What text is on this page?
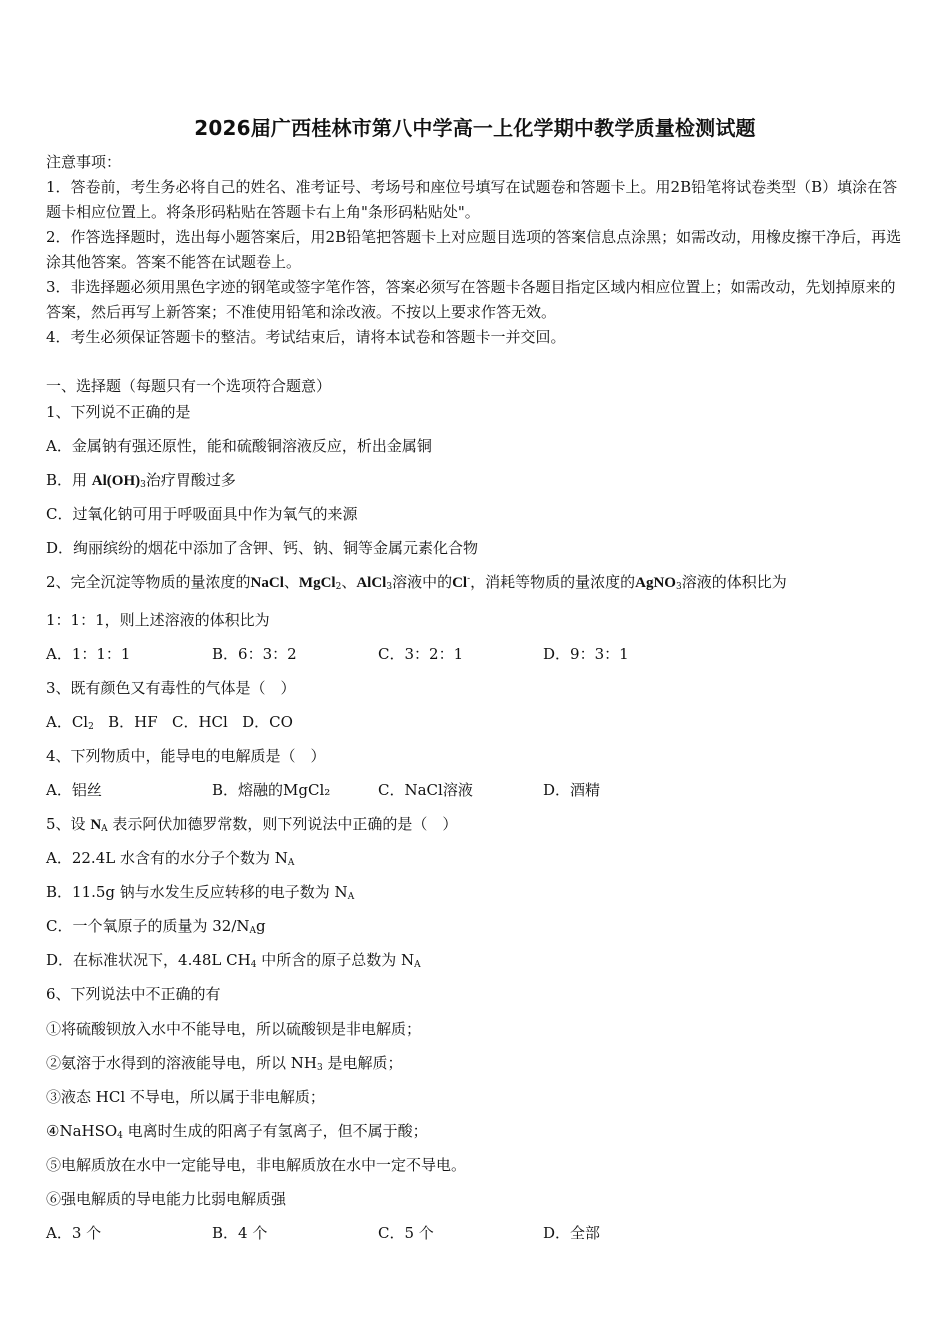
2026届广西桂林市第八中学高一上化学期中教学质量检测试题

注意事项：

1．答卷前，考生务必将自己的姓名、准考证号、考场号和座位号填写在试题卷和答题卡上。用2B铅笔将试卷类型（B）填涂在答题卡相应位置上。将条形码粘贴在答题卡右上角"条形码粘贴处"。

2．作答选择题时，选出每小题答案后，用2B铅笔把答题卡上对应题目选项的答案信息点涂黑；如需改动，用橡皮擦干净后，再选涂其他答案。答案不能答在试题卷上。

3．非选择题必须用黑色字迹的钢笔或签字笔作答，答案必须写在答题卡各题目指定区域内相应位置上；如需改动，先划掉原来的答案，然后再写上新答案；不准使用铅笔和涂改液。不按以上要求作答无效。

4．考生必须保证答题卡的整洁。考试结束后，请将本试卷和答题卡一并交回。

一、选择题（每题只有一个选项符合题意）
1、下列说不正确的是
A．金属钠有强还原性，能和硫酸铜溶液反应，析出金属铜
B．用 $Al(OH)_3$治疗胃酸过多
C．过氧化钠可用于呼吸面具中作为氧气的来源
D．绚丽缤纷的烟花中添加了含钾、钙、钠、铜等金属元素化合物
2、完全沉淀等物质的量浓度的NaCl、MgCl$_2$、AlCl$_3$溶液中的Cl-，消耗等物质的量浓度的AgNO$_3$溶液的体积比为
1：1：1，则上述溶液的体积比为
A．1：1：1	B．6：3：2	C．3：2：1	D．9：3：1
3、既有颜色又有毒性的气体是（　）
A．$Cl_2$ B．HF C．HCl D．CO
4、下列物质中，能导电的电解质是（　）
A．铝丝	B．熔融的MgCl₂	C．NaCl溶液	D．酒精
5、设 $N_A$ 表示阿伏加德罗常数，则下列说法中正确的是（　）
A．22.4L 水含有的水分子个数为 $N_A$
B．11.5g 钠与水发生反应转移的电子数为 $N_A$
C．一个氧原子的质量为 $32/N_Ag$
D．在标准状况下，4.48L $CH_4$ 中所含的原子总数为 $N_A$
6、下列说法中不正确的有
①将硫酸钡放入水中不能导电，所以硫酸钡是非电解质；
②氨溶于水得到的溶液能导电，所以 $NH_3$ 是电解质；
③液态 HCl 不导电，所以属于非电解质；
④NaHSO$_4$ 电离时生成的阳离子有氢离子，但不属于酸；
⑤电解质放在水中一定能导电，非电解质放在水中一定不导电。
⑥强电解质的导电能力比弱电解质强
A．3 个	B．4 个	C．5 个	D．全部
